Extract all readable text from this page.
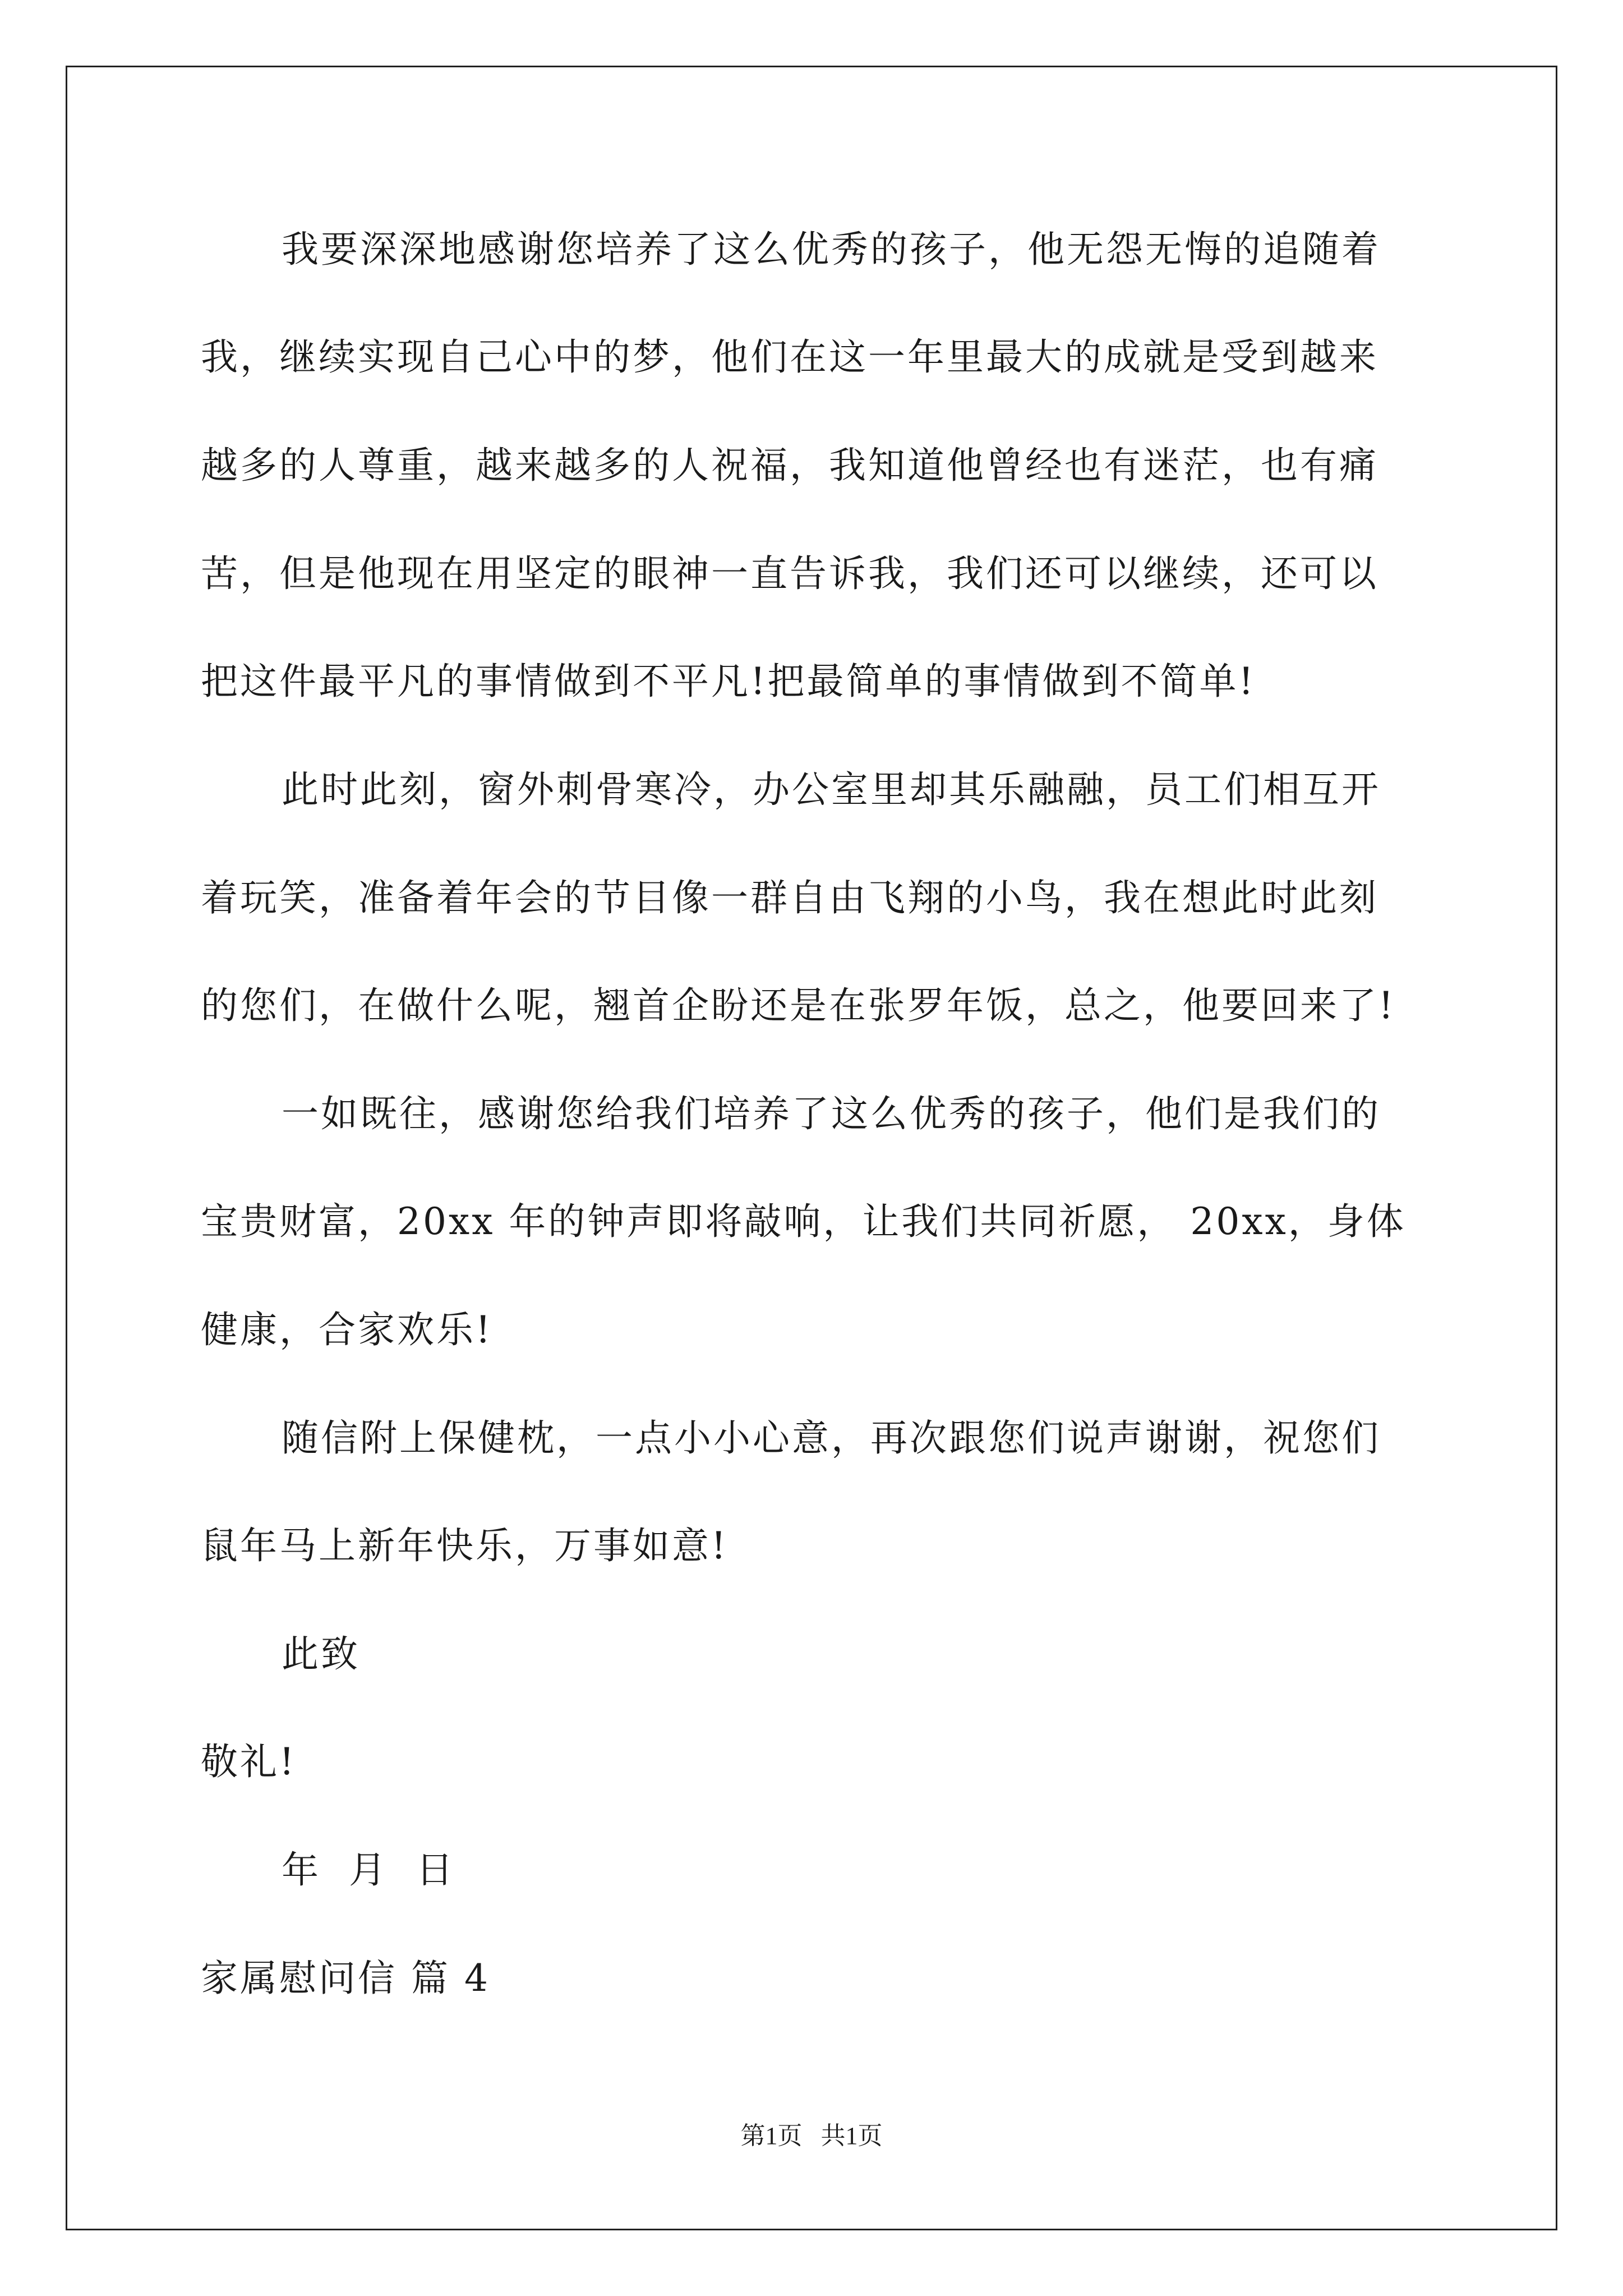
我要深深地感谢您培养了这么优秀的孩子，他无怨无悔的追随着
我，继续实现自己心中的梦，他们在这一年里最大的成就是受到越来
越多的人尊重，越来越多的人祝福，我知道他曾经也有迷茫，也有痛
苦，但是他现在用坚定的眼神一直告诉我，我们还可以继续，还可以
把这件最平凡的事情做到不平凡!把最简单的事情做到不简单!
此时此刻，窗外刺骨寒冷，办公室里却其乐融融，员工们相互开
着玩笑，准备着年会的节目像一群自由飞翔的小鸟，我在想此时此刻
的您们，在做什么呢，翘首企盼还是在张罗年饭，总之，他要回来了!
一如既往，感谢您给我们培养了这么优秀的孩子，他们是我们的
宝贵财富，20xx 年的钟声即将敲响，让我们共同祈愿， 20xx，身体
健康，合家欢乐!
随信附上保健枕，一点小小心意，再次跟您们说声谢谢，祝您们
鼠年马上新年快乐，万事如意!
此致
敬礼!
年  月  日
家属慰问信 篇 4
第1页   共1页
